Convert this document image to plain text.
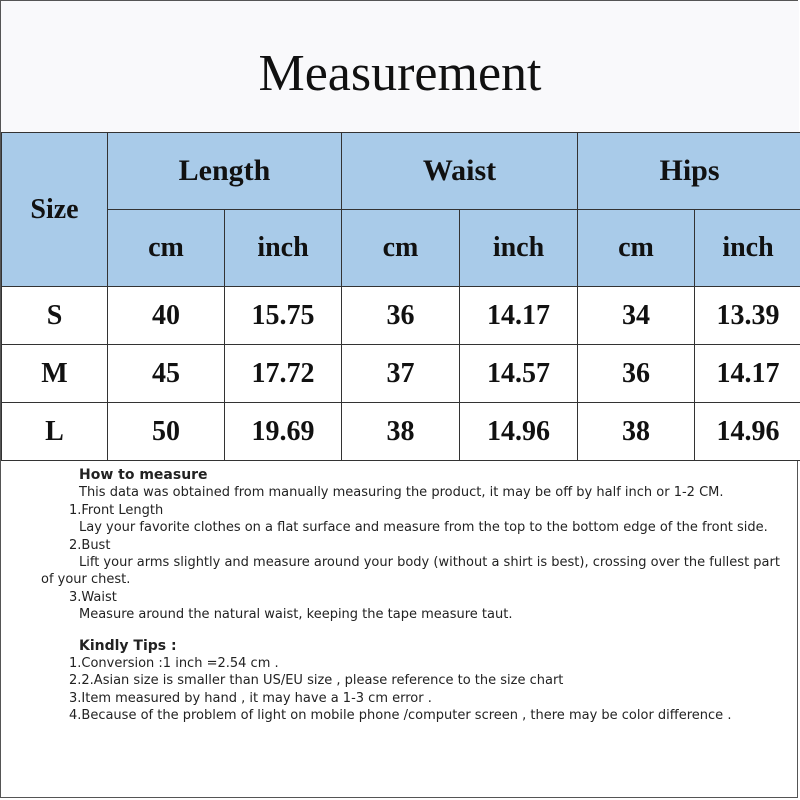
Measurement
Size	Length		Waist		Hips	
	cm	inch	cm	inch	cm	inch
S	40	15.75	36	14.17	34	13.39
M	45	17.72	37	14.57	36	14.17
L	50	19.69	38	14.96	38	14.96

How to measure

This data was obtained from manually measuring the product, it may be off by half inch or 1-2 CM.

1.Front Length

Lay your favorite clothes on a flat surface and measure from the top to the bottom edge of the front side.

2.Bust

Lift your arms slightly and measure around your body (without a shirt is best), crossing over the fullest part of your chest.

3.Waist

Measure around the natural waist, keeping the tape measure taut.

Kindly Tips :

1.Conversion :1 inch =2.54 cm .

2.2.Asian size is smaller than US/EU size , please reference to the size chart

3.Item measured by hand , it may have a 1-3 cm error .

4.Because of the problem of light on mobile phone /computer screen , there may be color difference .
